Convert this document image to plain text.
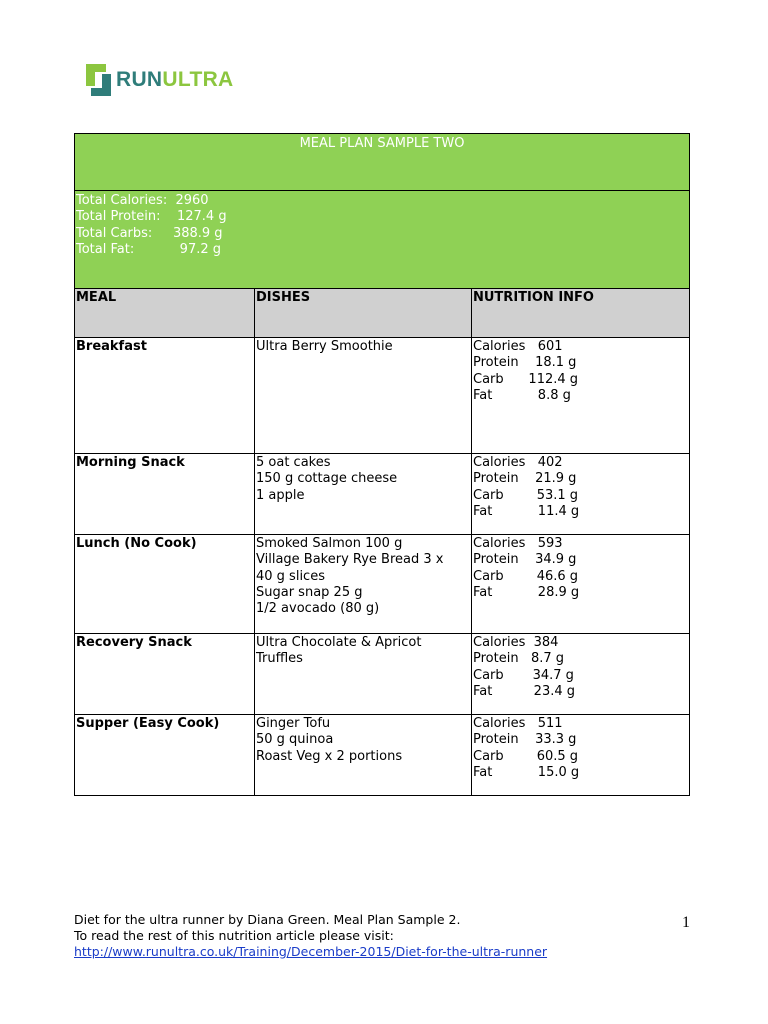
RUNULTRA
MEAL PLAN SAMPLE TWO		

Total Calories:  2960
Total Protein:    127.4 g
Total Carbs:     388.9 g
Total Fat:           97.2 g		

MEAL	DISHES	NUTRITION INFO
Breakfast	Ultra Berry Smoothie	Calories   601
Protein    18.1 g
Carb      112.4 g
Fat           8.8 g

Morning Snack	5 oat cakes
150 g cottage cheese
1 apple	Calories   402
Protein    21.9 g
Carb        53.1 g
Fat           11.4 g

Lunch (No Cook)	Smoked Salmon 100 g
Village Bakery Rye Bread 3 x
40 g slices
Sugar snap 25 g
1/2 avocado (80 g)	Calories   593
Protein    34.9 g
Carb        46.6 g
Fat           28.9 g

Recovery Snack	Ultra Chocolate & Apricot
Truffles	Calories  384
Protein   8.7 g
Carb       34.7 g
Fat          23.4 g

Supper (Easy Cook)	Ginger Tofu
50 g quinoa
Roast Veg x 2 portions	Calories   511
Protein    33.3 g
Carb        60.5 g
Fat           15.0 g
Diet for the ultra runner by Diana Green. Meal Plan Sample 2.
To read the rest of this nutrition article please visit:
http://www.runultra.co.uk/Training/December-2015/Diet-for-the-ultra-runner
1
